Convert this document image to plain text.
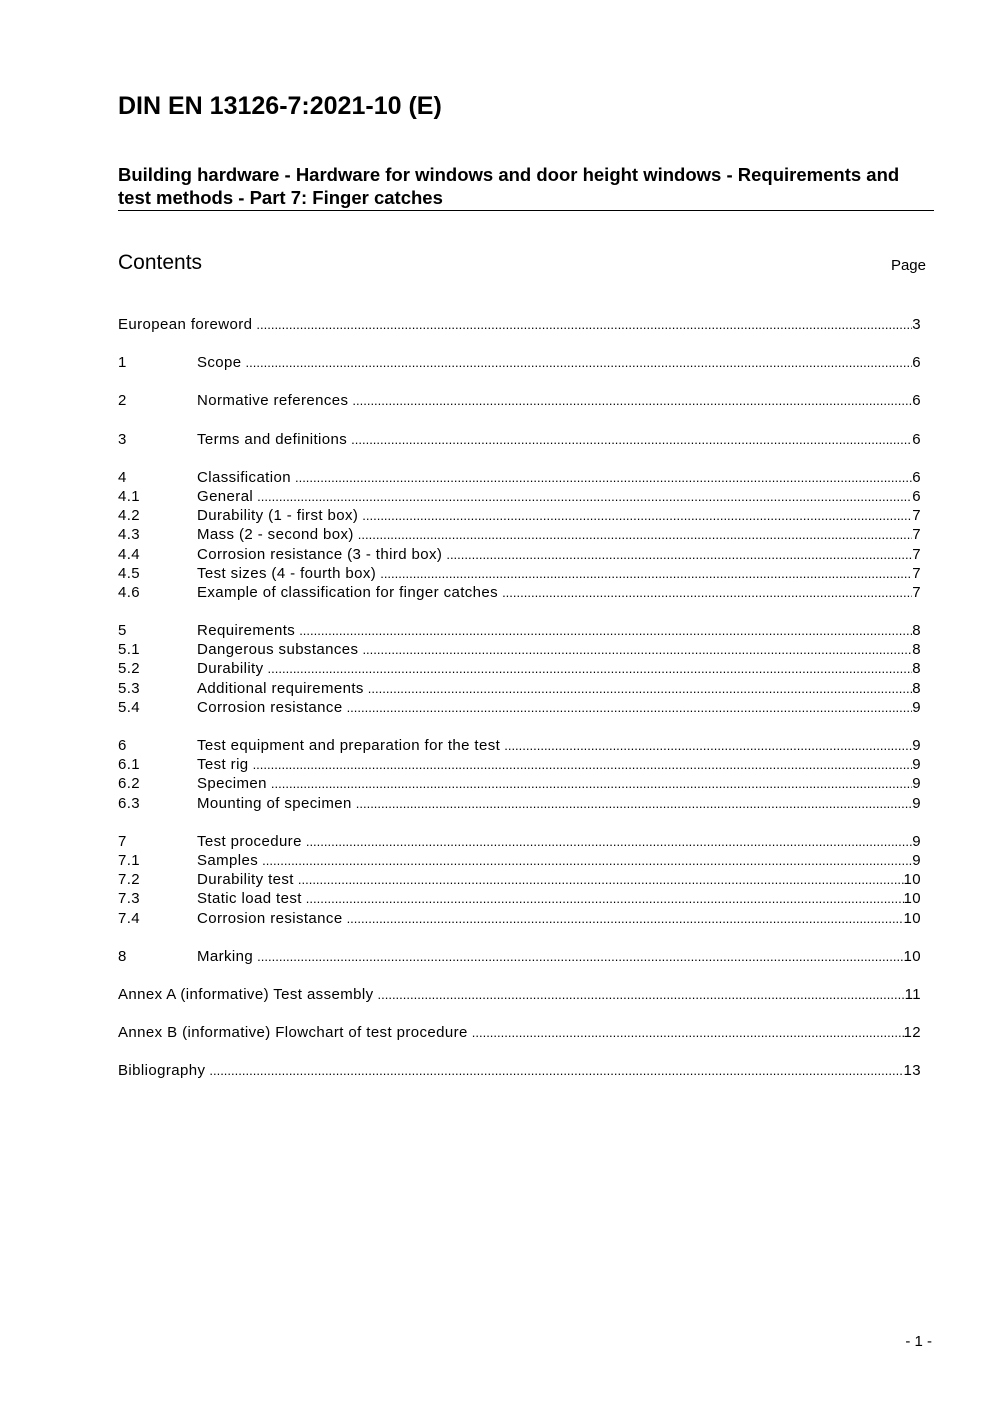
DIN EN 13126-7:2021-10 (E)
Building hardware - Hardware for windows and door height windows - Requirements and test methods - Part 7: Finger catches
Contents	Page
European foreword .....	3
1	Scope .....	6
2	Normative references .....	6
3	Terms and definitions .....	6
4	Classification .....	6
4.1	General .....	6
4.2	Durability (1 - first box) .....	7
4.3	Mass (2 - second box) .....	7
4.4	Corrosion resistance (3 - third box) .....	7
4.5	Test sizes (4 - fourth box) .....	7
4.6	Example of classification for finger catches .....	7
5	Requirements .....	8
5.1	Dangerous substances .....	8
5.2	Durability .....	8
5.3	Additional requirements .....	8
5.4	Corrosion resistance .....	9
6	Test equipment and preparation for the test .....	9
6.1	Test rig .....	9
6.2	Specimen .....	9
6.3	Mounting of specimen .....	9
7	Test procedure .....	9
7.1	Samples .....	9
7.2	Durability test .....	10
7.3	Static load test .....	10
7.4	Corrosion resistance .....	10
8	Marking .....	10
Annex A (informative) Test assembly .....	11
Annex B (informative) Flowchart of test procedure .....	12
Bibliography .....	13
- 1 -
